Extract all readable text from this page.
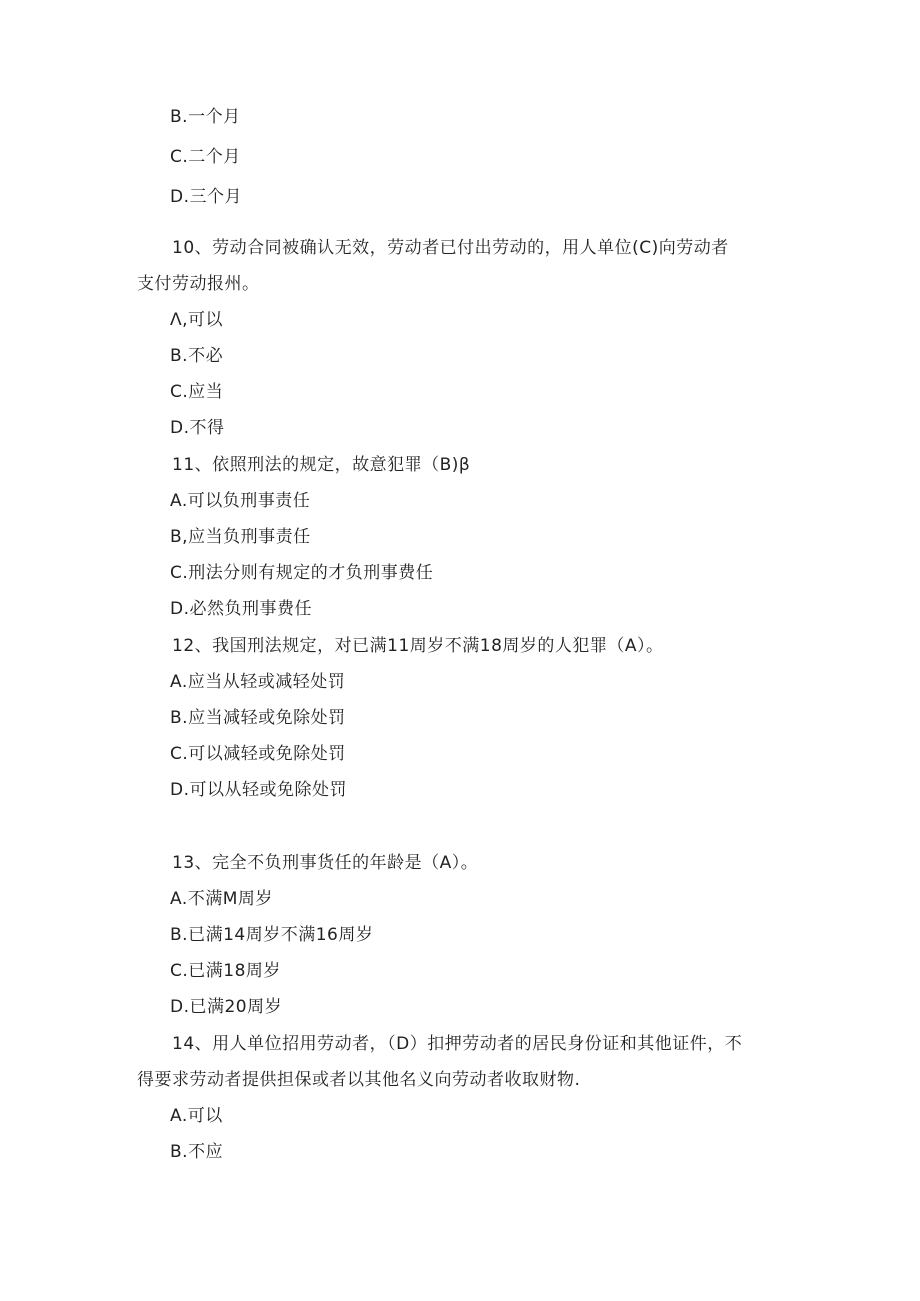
B.一个月
C.二个月
D.三个月
10、劳动合同被确认无效，劳动者已付出劳动的，用人单位(C)向劳动者
支付劳动报州。
Λ,可以
B.不必
C.应当
D.不得
11、依照刑法的规定，故意犯罪（B)β
A.可以负刑事责任
B,应当负刑事责任
C.刑法分则有规定的才负刑事费任
D.必然负刑事费任
12、我国刑法规定，对已满11周岁不满18周岁的人犯罪（A）。
A.应当从轻或减轻处罚
B.应当减轻或免除处罚
C.可以减轻或免除处罚
D.可以从轻或免除处罚
13、完全不负刑事货任的年龄是（A）。
A.不满M周岁
B.已满14周岁不满16周岁
C.已满18周岁
D.已满20周岁
14、用人单位招用劳动者，（D）扣押劳动者的居民身份证和其他证件，不
得要求劳动者提供担保或者以其他名义向劳动者收取财物.
A.可以
B.不应
